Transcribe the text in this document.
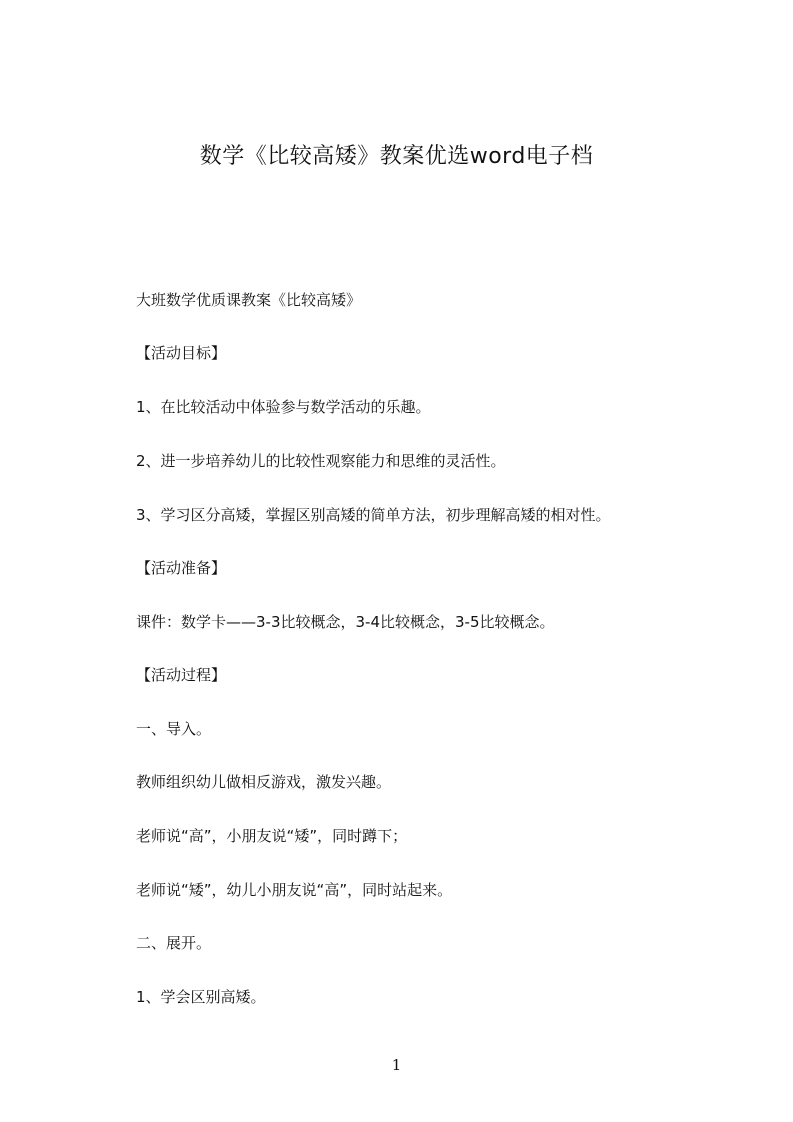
数学《比较高矮》教案优选word电子档

大班数学优质课教案《比较高矮》

【活动目标】

1、在比较活动中体验参与数学活动的乐趣。

2、进一步培养幼儿的比较性观察能力和思维的灵活性。

3、学习区分高矮，掌握区别高矮的简单方法，初步理解高矮的相对性。

【活动准备】

课件：数学卡——3-3比较概念，3-4比较概念，3-5比较概念。

【活动过程】

一、导入。

教师组织幼儿做相反游戏，激发兴趣。

老师说“高”，小朋友说“矮”，同时蹲下；

老师说“矮”，幼儿小朋友说“高”，同时站起来。

二、展开。

1、学会区别高矮。

1
